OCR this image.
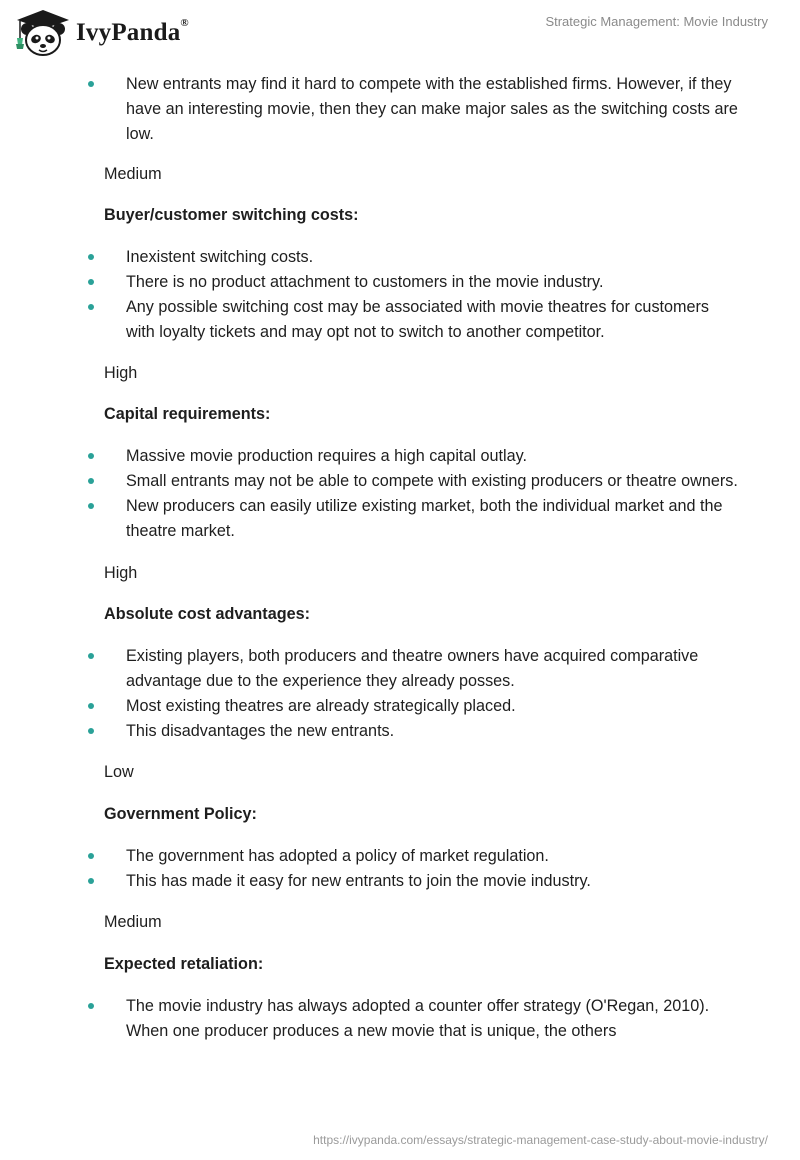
IvyPanda®	Strategic Management: Movie Industry
New entrants may find it hard to compete with the established firms. However, if they have an interesting movie, then they can make major sales as the switching costs are low.
Medium
Buyer/customer switching costs:
Inexistent switching costs.
There is no product attachment to customers in the movie industry.
Any possible switching cost may be associated with movie theatres for customers with loyalty tickets and may opt not to switch to another competitor.
High
Capital requirements:
Massive movie production requires a high capital outlay.
Small entrants may not be able to compete with existing producers or theatre owners.
New producers can easily utilize existing market, both the individual market and the theatre market.
High
Absolute cost advantages:
Existing players, both producers and theatre owners have acquired comparative advantage due to the experience they already posses.
Most existing theatres are already strategically placed.
This disadvantages the new entrants.
Low
Government Policy:
The government has adopted a policy of market regulation.
This has made it easy for new entrants to join the movie industry.
Medium
Expected retaliation:
The movie industry has always adopted a counter offer strategy (O'Regan, 2010). When one producer produces a new movie that is unique, the others
https://ivypanda.com/essays/strategic-management-case-study-about-movie-industry/
